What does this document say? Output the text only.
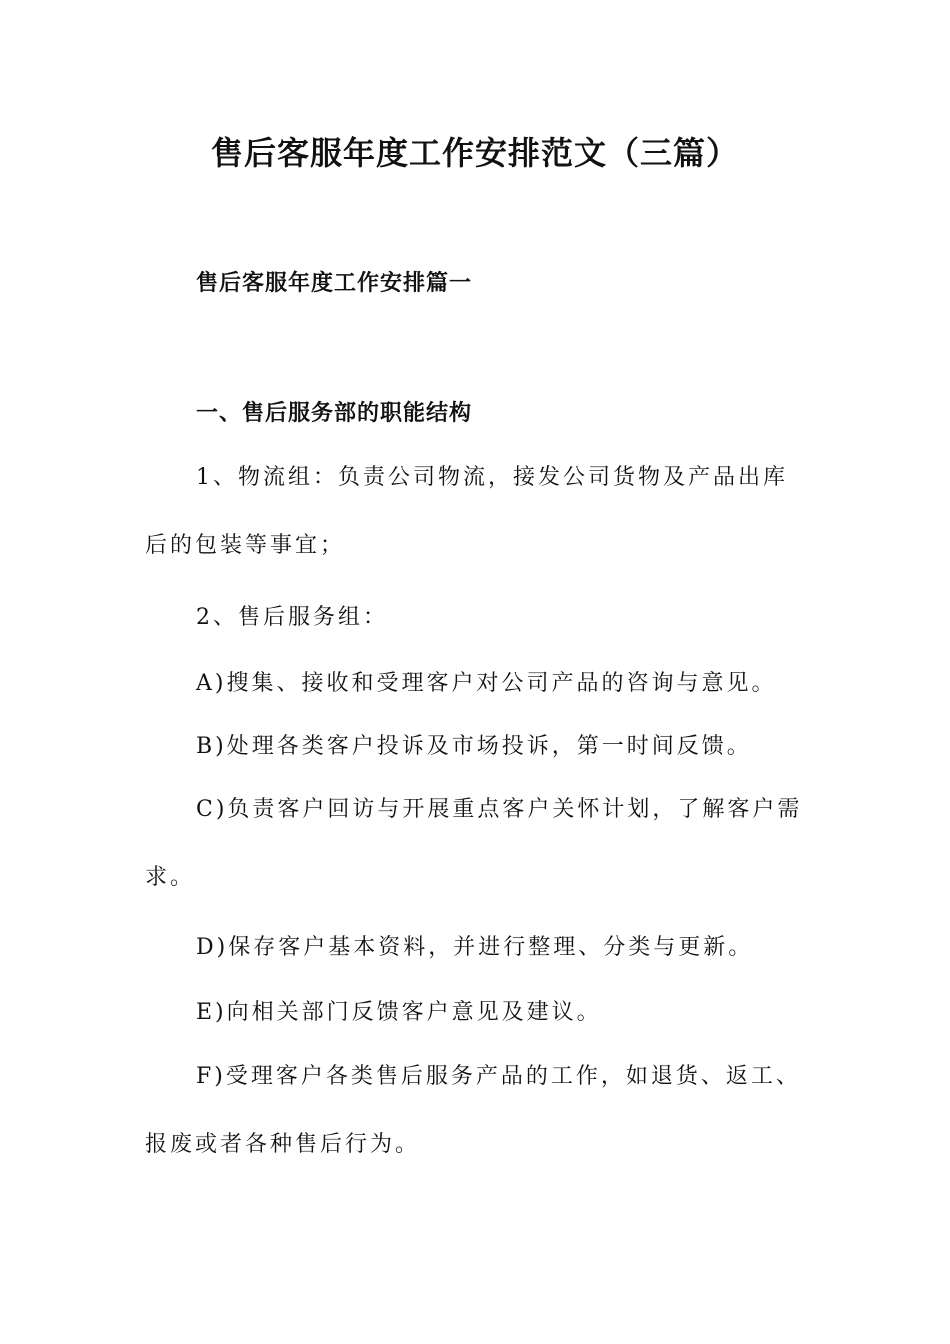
售后客服年度工作安排范文（三篇）
售后客服年度工作安排篇一
一、售后服务部的职能结构

1、物流组：负责公司物流，接发公司货物及产品出库后的包装等事宜；

2、售后服务组：

A)搜集、接收和受理客户对公司产品的咨询与意见。

B)处理各类客户投诉及市场投诉，第一时间反馈。

C)负责客户回访与开展重点客户关怀计划，了解客户需求。

D)保存客户基本资料，并进行整理、分类与更新。

E)向相关部门反馈客户意见及建议。

F)受理客户各类售后服务产品的工作，如退货、返工、报废或者各种售后行为。
